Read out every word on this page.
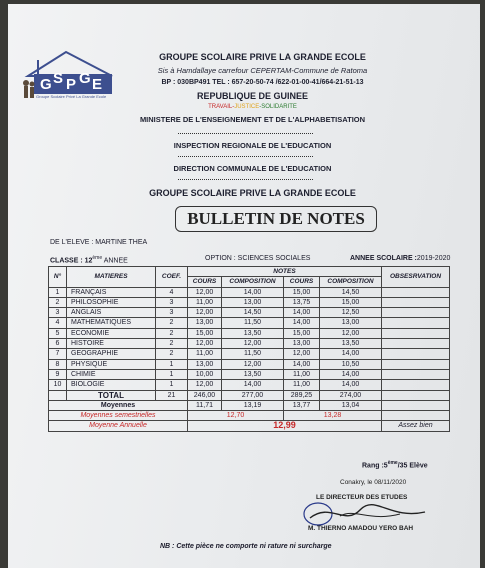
G S P G E
Groupe Scolaire Privé La Grande Ecole
GROUPE SCOLAIRE PRIVE LA GRANDE ECOLE
Sis à Hamdallaye carrefour CEPERTAM-Commune de Ratoma
BP : 030BP491 TEL : 657-20-50-74 /622-01-00-41/664-21-51-13
REPUBLIQUE DE GUINEE
TRAVAIL-JUSTICE-SOLIDARITE
MINISTERE DE L'ENSEIGNEMENT ET DE L'ALPHABETISATION
INSPECTION REGIONALE DE L'EDUCATION
DIRECTION COMMUNALE DE L'EDUCATION
GROUPE SCOLAIRE PRIVE LA GRANDE ECOLE
BULLETIN DE NOTES
DE L'ELEVE : MARTINE THEA
CLASSE : 12ème ANNEE	OPTION : SCIENCES SOCIALES	ANNEE SCOLAIRE :2019-2020
N°	MATIERES	COEF.	NOTES				OBSESRVATION
			COURS	COMPOSITION	COURS	COMPOSITION	
1	FRANÇAIS	4	12,00	14,00	15,00	14,50	
2	PHILOSOPHIE	3	11,00	13,00	13,75	15,00	
3	ANGLAIS	3	12,00	14,50	14,00	12,50	
4	MATHEMATIQUES	2	13,00	11,50	14,00	13,00	
5	ECONOMIE	2	15,00	13,50	15,00	12,00	
6	HISTOIRE	2	12,00	12,00	13,00	13,50	
7	GEOGRAPHIE	2	11,00	11,50	12,00	14,00	
8	PHYSIQUE	1	13,00	12,00	14,00	10,50	
9	CHIMIE	1	10,00	13,50	11,00	14,00	
10	BIOLOGIE	1	12,00	14,00	11,00	14,00	
	TOTAL	21	246,00	277,00	289,25	274,00	
Moyennes			11,71	13,19	13,77	13,04	
Moyennes semestrielles			12,70		13,28		
Moyenne Annuelle			12,99				Assez bien
Rang :5ème/35 Elève
Conakry, le 08/11/2020
LE DIRECTEUR DES ETUDES
M. THIERNO AMADOU YERO BAH
NB : Cette pièce ne comporte ni rature ni surcharge
